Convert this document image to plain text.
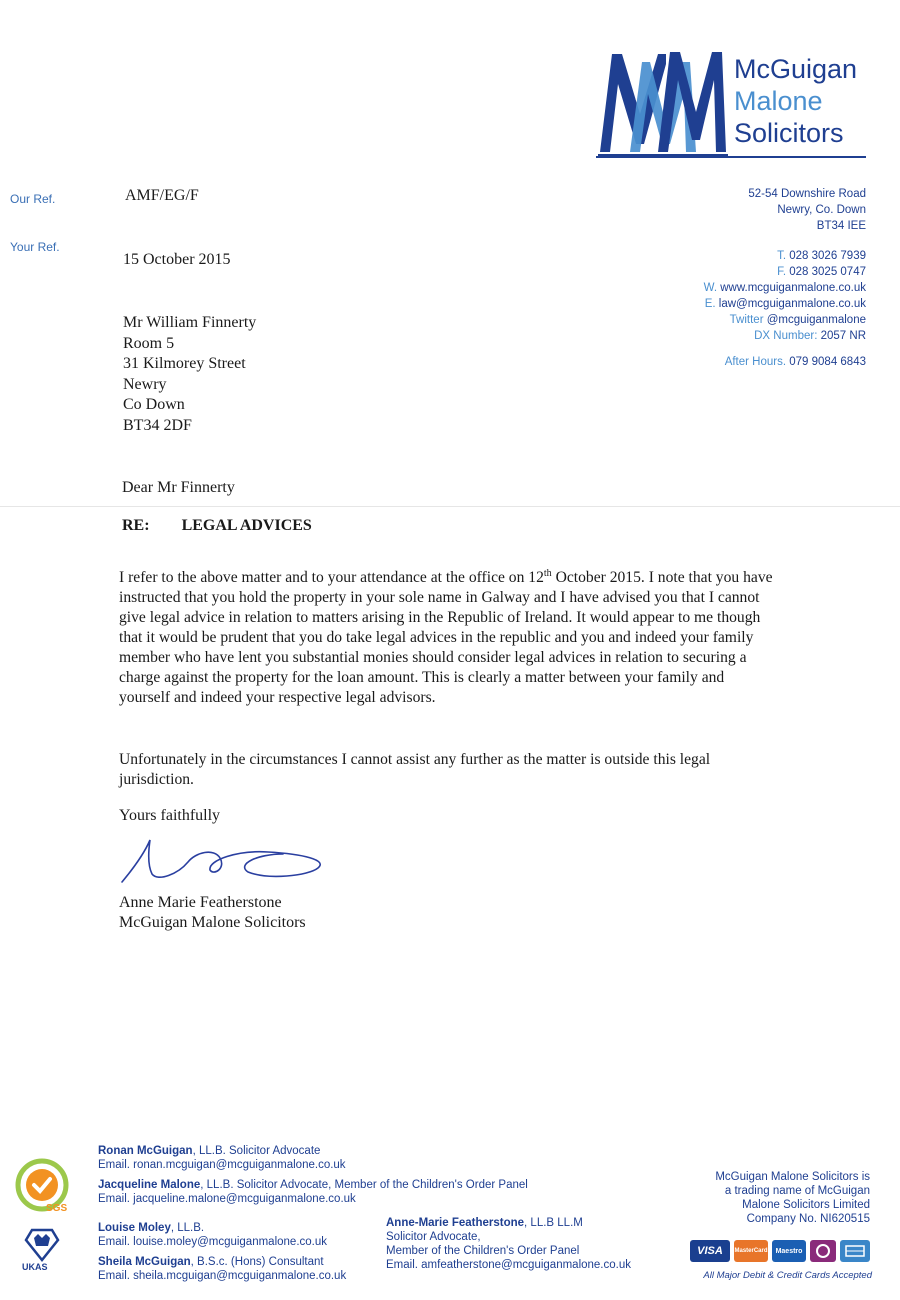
McGuigan
Malone
Solicitors
Our Ref.	AMF/EG/F
Your Ref.
15 October 2015
52-54 Downshire Road
Newry, Co. Down
BT34 IEE
T. 028 3026 7939
F. 028 3025 0747
W. www.mcguiganmalone.co.uk
E. law@mcguiganmalone.co.uk
Twitter @mcguiganmalone
DX Number: 2057 NR
After Hours. 079 9084 6843
Mr William Finnerty
Room 5
31 Kilmorey Street
Newry
Co Down
BT34 2DF
Dear Mr Finnerty
RE: LEGAL ADVICES
I refer to the above matter and to your attendance at the office on 12th October 2015. I note that you have instructed that you hold the property in your sole name in Galway and I have advised you that I cannot give legal advice in relation to matters arising in the Republic of Ireland. It would appear to me though that it would be prudent that you do take legal advices in the republic and you and indeed your family member who have lent you substantial monies should consider legal advices in relation to securing a charge against the property for the loan amount. This is clearly a matter between your family and yourself and indeed your respective legal advisors.
Unfortunately in the circumstances I cannot assist any further as the matter is outside this legal jurisdiction.
Yours faithfully
Anne Marie Featherstone
McGuigan Malone Solicitors
SGS
UKAS
Ronan McGuigan, LL.B. Solicitor Advocate
Email. ronan.mcguigan@mcguiganmalone.co.uk
Jacqueline Malone, LL.B. Solicitor Advocate, Member of the Children's Order Panel
Email. jacqueline.malone@mcguiganmalone.co.uk
Louise Moley, LL.B.
Email. louise.moley@mcguiganmalone.co.uk
Sheila McGuigan, B.S.c. (Hons) Consultant
Email. sheila.mcguigan@mcguiganmalone.co.uk
Anne-Marie Featherstone, LL.B LL.M
Solicitor Advocate,
Member of the Children's Order Panel
Email. amfeatherstone@mcguiganmalone.co.uk
McGuigan Malone Solicitors is
a trading name of McGuigan
Malone Solicitors Limited
Company No. NI620515
VISA	MasterCard	Maestro
All Major Debit & Credit Cards Accepted
